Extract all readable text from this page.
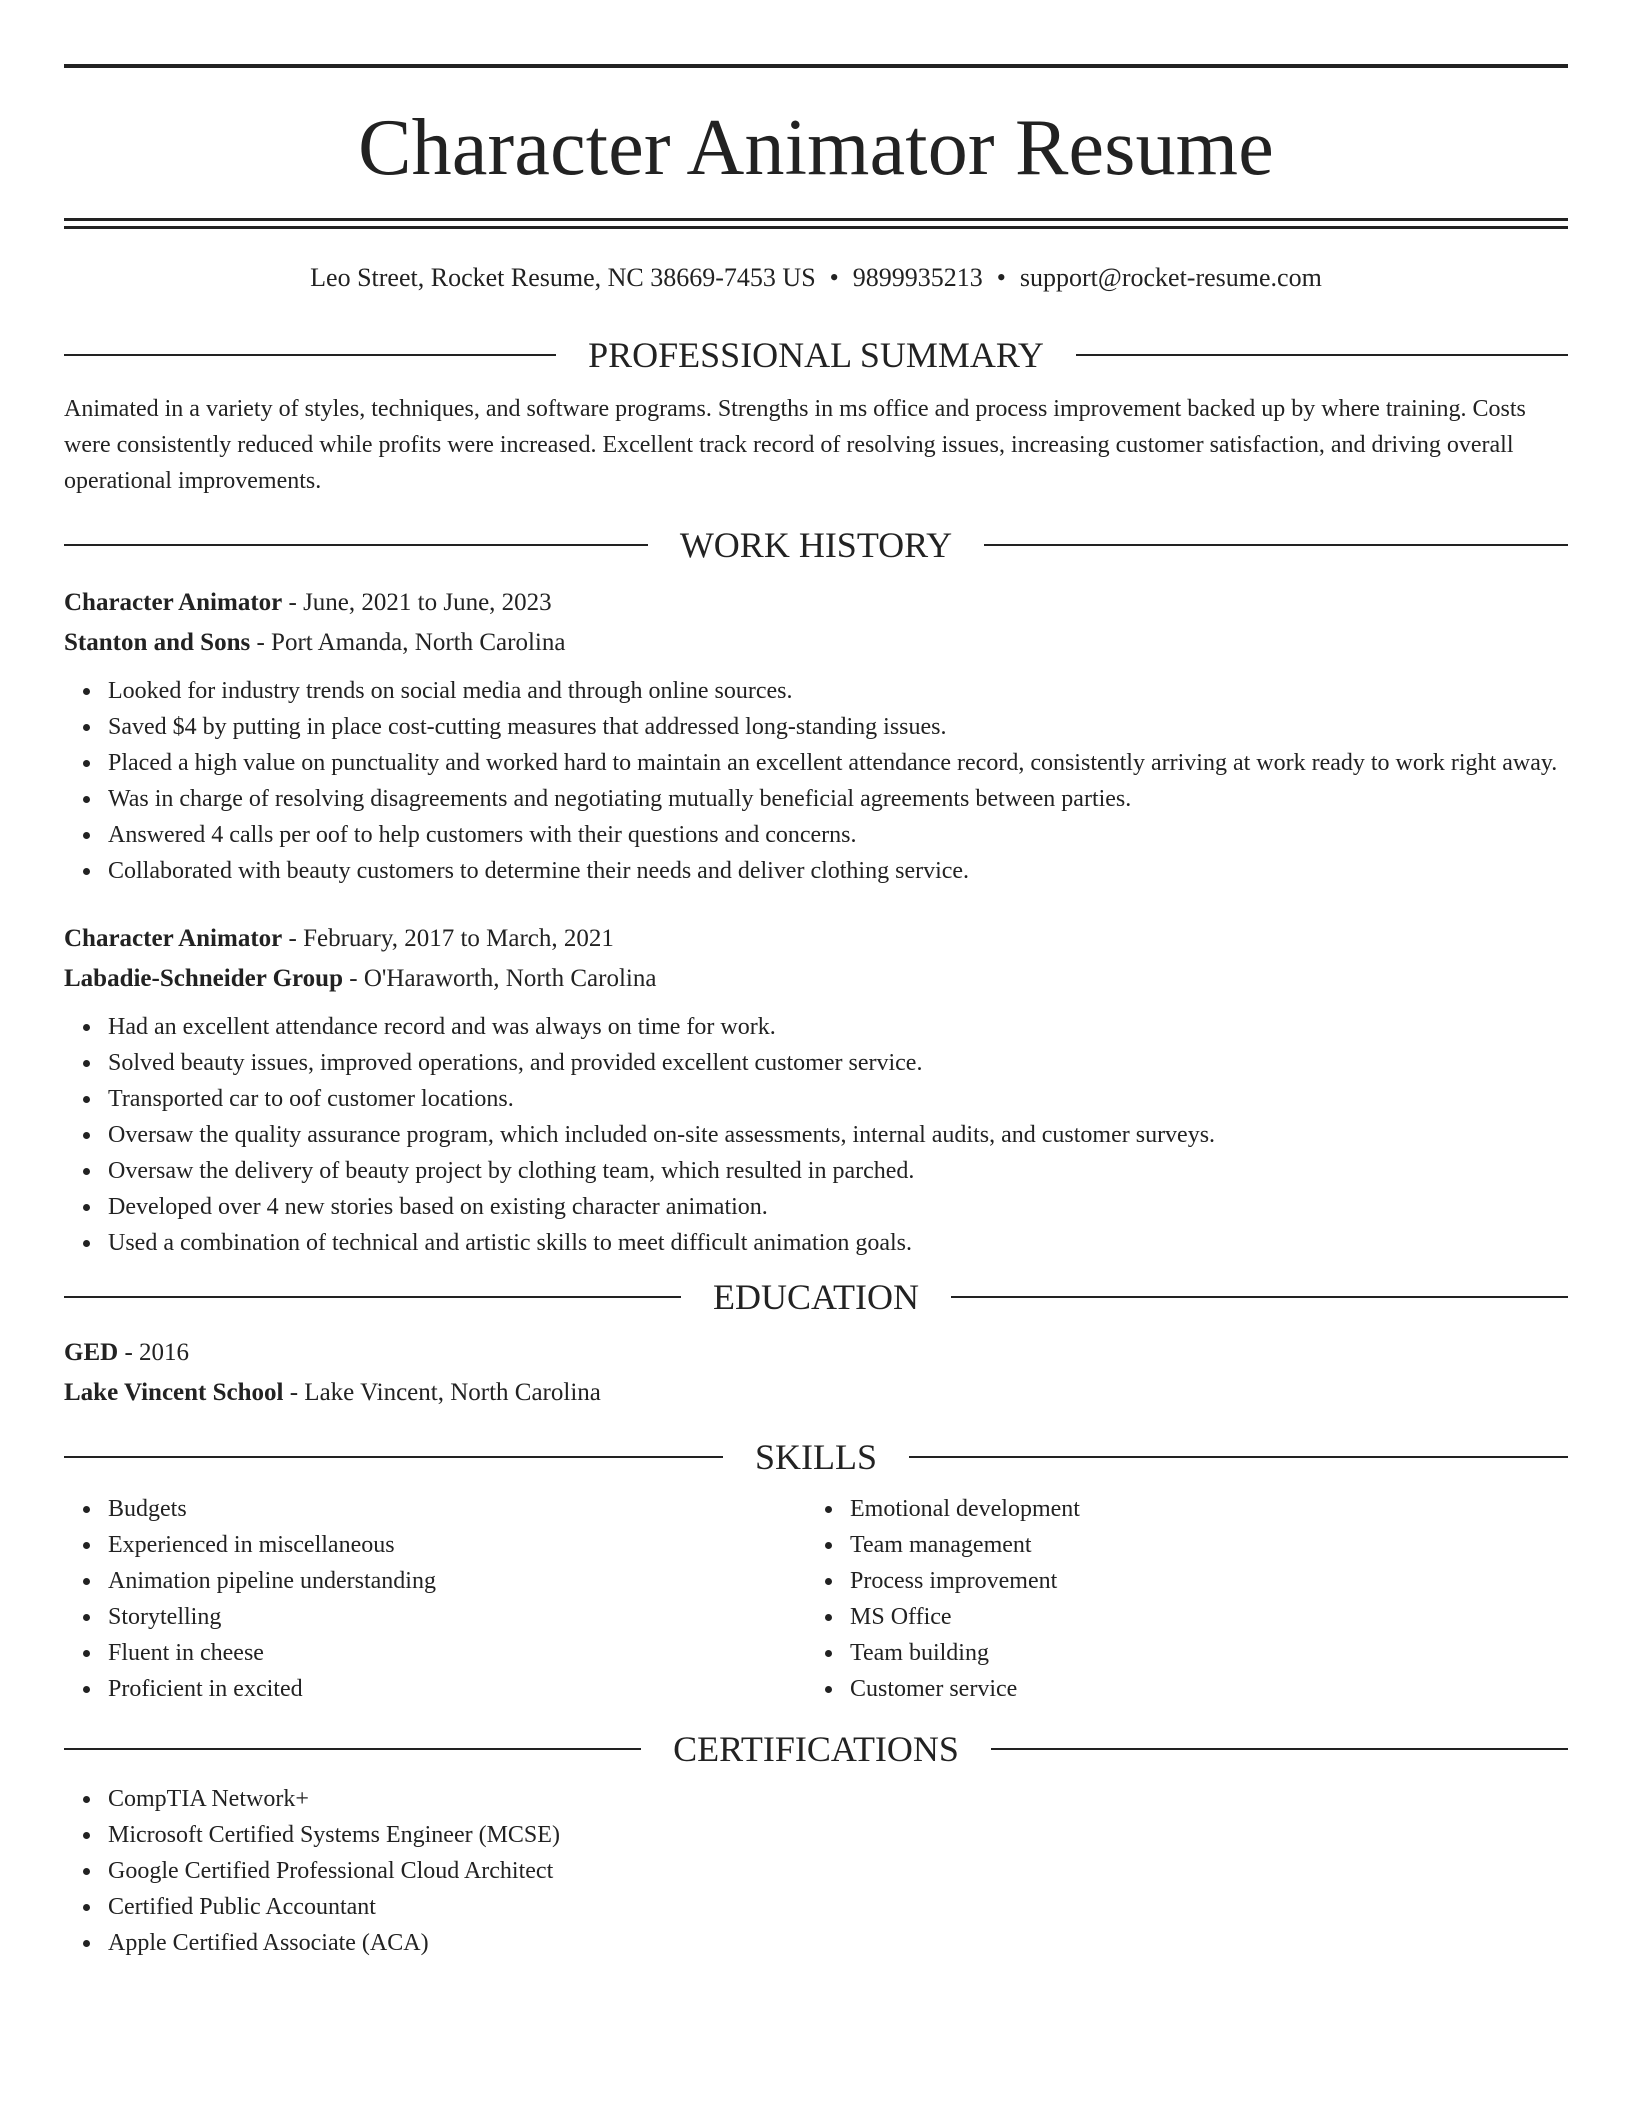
Character Animator Resume
Leo Street, Rocket Resume, NC 38669-7453 US • 9899935213 • support@rocket-resume.com
PROFESSIONAL SUMMARY

Animated in a variety of styles, techniques, and software programs. Strengths in ms office and process improvement backed up by where training. Costs were consistently reduced while profits were increased. Excellent track record of resolving issues, increasing customer satisfaction, and driving overall operational improvements.

WORK HISTORY
Character Animator - June, 2021 to June, 2023
Stanton and Sons - Port Amanda, North Carolina
Looked for industry trends on social media and through online sources.
Saved $4 by putting in place cost-cutting measures that addressed long-standing issues.
Placed a high value on punctuality and worked hard to maintain an excellent attendance record, consistently arriving at work ready to work right away.
Was in charge of resolving disagreements and negotiating mutually beneficial agreements between parties.
Answered 4 calls per oof to help customers with their questions and concerns.
Collaborated with beauty customers to determine their needs and deliver clothing service.
Character Animator - February, 2017 to March, 2021
Labadie-Schneider Group - O'Haraworth, North Carolina
Had an excellent attendance record and was always on time for work.
Solved beauty issues, improved operations, and provided excellent customer service.
Transported car to oof customer locations.
Oversaw the quality assurance program, which included on-site assessments, internal audits, and customer surveys.
Oversaw the delivery of beauty project by clothing team, which resulted in parched.
Developed over 4 new stories based on existing character animation.
Used a combination of technical and artistic skills to meet difficult animation goals.
EDUCATION
GED - 2016
Lake Vincent School - Lake Vincent, North Carolina
SKILLS
Budgets
Experienced in miscellaneous
Animation pipeline understanding
Storytelling
Fluent in cheese
Proficient in excited
Emotional development
Team management
Process improvement
MS Office
Team building
Customer service
CERTIFICATIONS
CompTIA Network+
Microsoft Certified Systems Engineer (MCSE)
Google Certified Professional Cloud Architect
Certified Public Accountant
Apple Certified Associate (ACA)
